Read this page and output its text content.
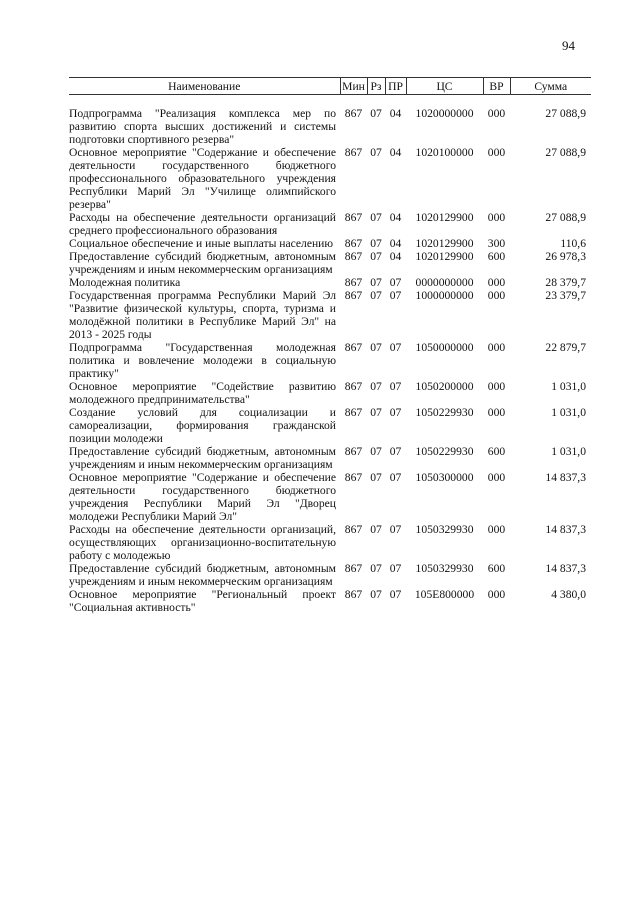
94
Наименование	Мин	Рз	ПР	ЦС	ВР	Сумма
Подпрограмма "Реализация комплекса мер по развитию спорта высших достижений и системы подготовки спортивного резерва"	867	07	04	1020000000	000	27 088,9
Основное мероприятие "Содержание и обеспечение деятельности государственного бюджетного профессионального образовательного учреждения Республики Марий Эл "Училище олимпийского резерва"	867	07	04	1020100000	000	27 088,9
Расходы на обеспечение деятельности организаций среднего профессионального образования	867	07	04	1020129900	000	27 088,9
Социальное обеспечение и иные выплаты населению	867	07	04	1020129900	300	110,6
Предоставление субсидий бюджетным, автономным учреждениям и иным некоммерческим организациям	867	07	04	1020129900	600	26 978,3
Молодежная политика	867	07	07	0000000000	000	28 379,7
Государственная программа Республики Марий Эл "Развитие физической культуры, спорта, туризма и молодёжной политики в Республике Марий Эл" на 2013 - 2025 годы	867	07	07	1000000000	000	23 379,7
Подпрограмма "Государственная молодежная политика и вовлечение молодежи в социальную практику"	867	07	07	1050000000	000	22 879,7
Основное мероприятие "Содействие развитию молодежного предпринимательства"	867	07	07	1050200000	000	1 031,0
Создание условий для социализации и самореализации, формирования гражданской позиции молодежи	867	07	07	1050229930	000	1 031,0
Предоставление субсидий бюджетным, автономным учреждениям и иным некоммерческим организациям	867	07	07	1050229930	600	1 031,0
Основное мероприятие "Содержание и обеспечение деятельности государственного бюджетного учреждения Республики Марий Эл "Дворец молодежи Республики Марий Эл"	867	07	07	1050300000	000	14 837,3
Расходы на обеспечение деятельности организаций, осуществляющих организационно-воспитательную работу с молодежью	867	07	07	1050329930	000	14 837,3
Предоставление субсидий бюджетным, автономным учреждениям и иным некоммерческим организациям	867	07	07	1050329930	600	14 837,3
Основное мероприятие "Региональный проект "Социальная активность"	867	07	07	105E800000	000	4 380,0
